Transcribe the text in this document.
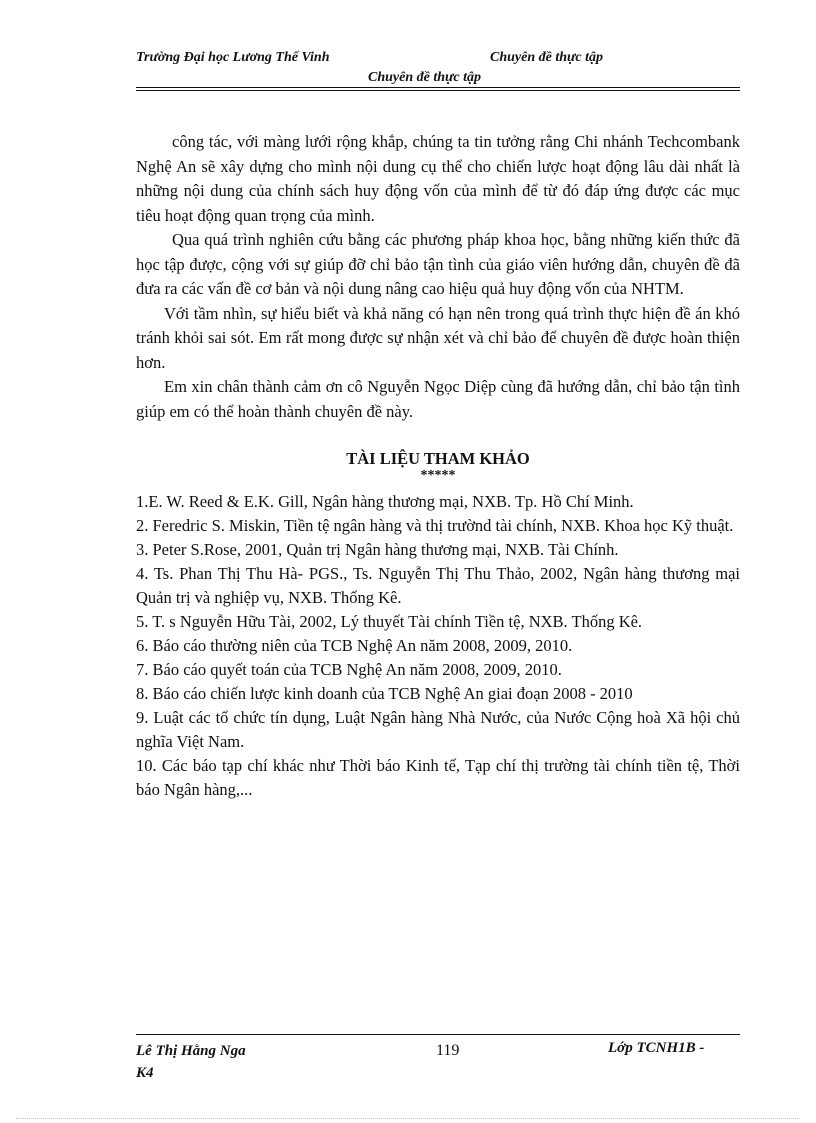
Trường Đại học Lương Thế Vinh	Chuyên đề thực tập
Chuyên đề thực tập

công tác, với màng lưới rộng khắp, chúng ta tin tưởng rằng Chi nhánh Techcombank Nghệ An sẽ xây dựng cho mình nội dung cụ thể cho chiến lược hoạt động lâu dài nhất là những nội dung của chính sách huy động vốn của mình để từ đó đáp ứng được các mục tiêu hoạt động quan trọng của mình.

Qua quá trình nghiên cứu bằng các phương pháp khoa học, bằng những kiến thức đã học tập được, cộng với sự giúp đỡ chỉ bảo tận tình của giáo viên hướng dẫn, chuyên đề đã đưa ra các vấn đề cơ bản và nội dung nâng cao hiệu quả huy động vốn của NHTM.

Với tầm nhìn, sự hiểu biết và khả năng có hạn nên trong quá trình thực hiện đề án khó tránh khỏi sai sót. Em rất mong được sự nhận xét và chỉ bảo để chuyên đề được hoàn thiện hơn.

Em xin chân thành cảm ơn cô Nguyễn Ngọc Diệp cùng đã hướng dẫn, chỉ bảo tận tình giúp em có thể hoàn thành chuyên đề này.

TÀI LIỆU THAM KHẢO
*****

1.E. W. Reed & E.K. Gill, Ngân hàng thương mại, NXB. Tp. Hồ Chí Minh.

2. Feredric S. Miskin, Tiền tệ ngân hàng và thị trườnd tài chính, NXB. Khoa học Kỹ thuật.

3. Peter S.Rose, 2001, Quản trị Ngân hàng thương mại, NXB. Tài Chính.

4. Ts. Phan Thị Thu Hà- PGS., Ts. Nguyễn Thị Thu Thảo, 2002, Ngân hàng thương mại Quản trị và nghiệp vụ, NXB. Thống Kê.

5. T. s Nguyễn Hữu Tài, 2002, Lý thuyết Tài chính Tiền tệ, NXB. Thống Kê.

6. Báo cáo thường niên của TCB Nghệ An năm 2008, 2009, 2010.

7. Báo cáo quyết toán của TCB Nghệ An năm 2008, 2009, 2010.

8. Báo cáo chiến lược kinh doanh của TCB Nghệ An giai đoạn 2008 - 2010

9. Luật các tổ chức tín dụng, Luật Ngân hàng Nhà Nước, của Nước Cộng hoà Xã hội chủ nghĩa Việt Nam.

10. Các báo tạp chí khác như Thời báo Kinh tế, Tạp chí thị trường tài chính tiền tệ, Thời báo Ngân hàng,...

Lê Thị Hằng Nga
K4
119	Lớp TCNH1B -
